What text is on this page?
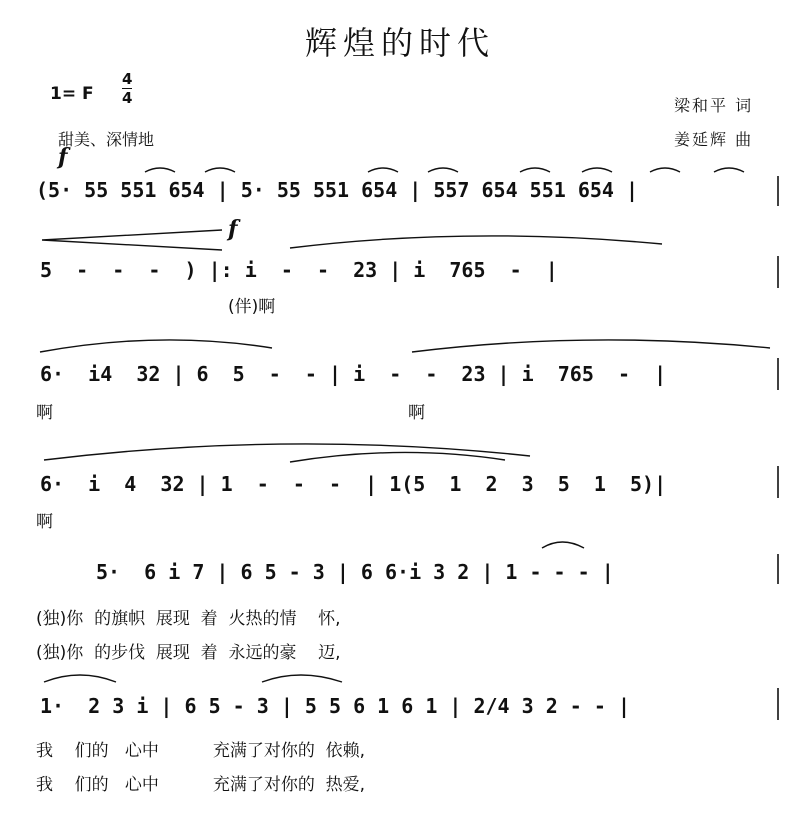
辉煌的时代
1= F
4
4
甜美、深情地
梁和平 词
姜延辉 曲
f
(5· 55 551 654 | 5· 55 551 654 | 557 654 551 654 |
f
5  -  -  -  ) |: i  -  -  23 | i  765  -  |
(伴)啊
6·  i4  32 | 6  5  -  - | i  -  -  23 | i  765  -  |
啊	啊
6·  i  4  32 | 1  -  -  -  | 1(5  1  2  3  5  1  5)|
啊
5·  6 i 7 | 6 5 - 3 | 6 6·i 3 2 | 1 - - - |
(独)你  的旗帜  展现  着  火热的情    怀,
(独)你  的步伐  展现  着  永远的豪    迈,
1·  2 3 i | 6 5 - 3 | 5 5 6 1 6 1 | 2/4 3 2 - - |
我    们的   心中          充满了对你的  依赖,
我    们的   心中          充满了对你的  热爱,
